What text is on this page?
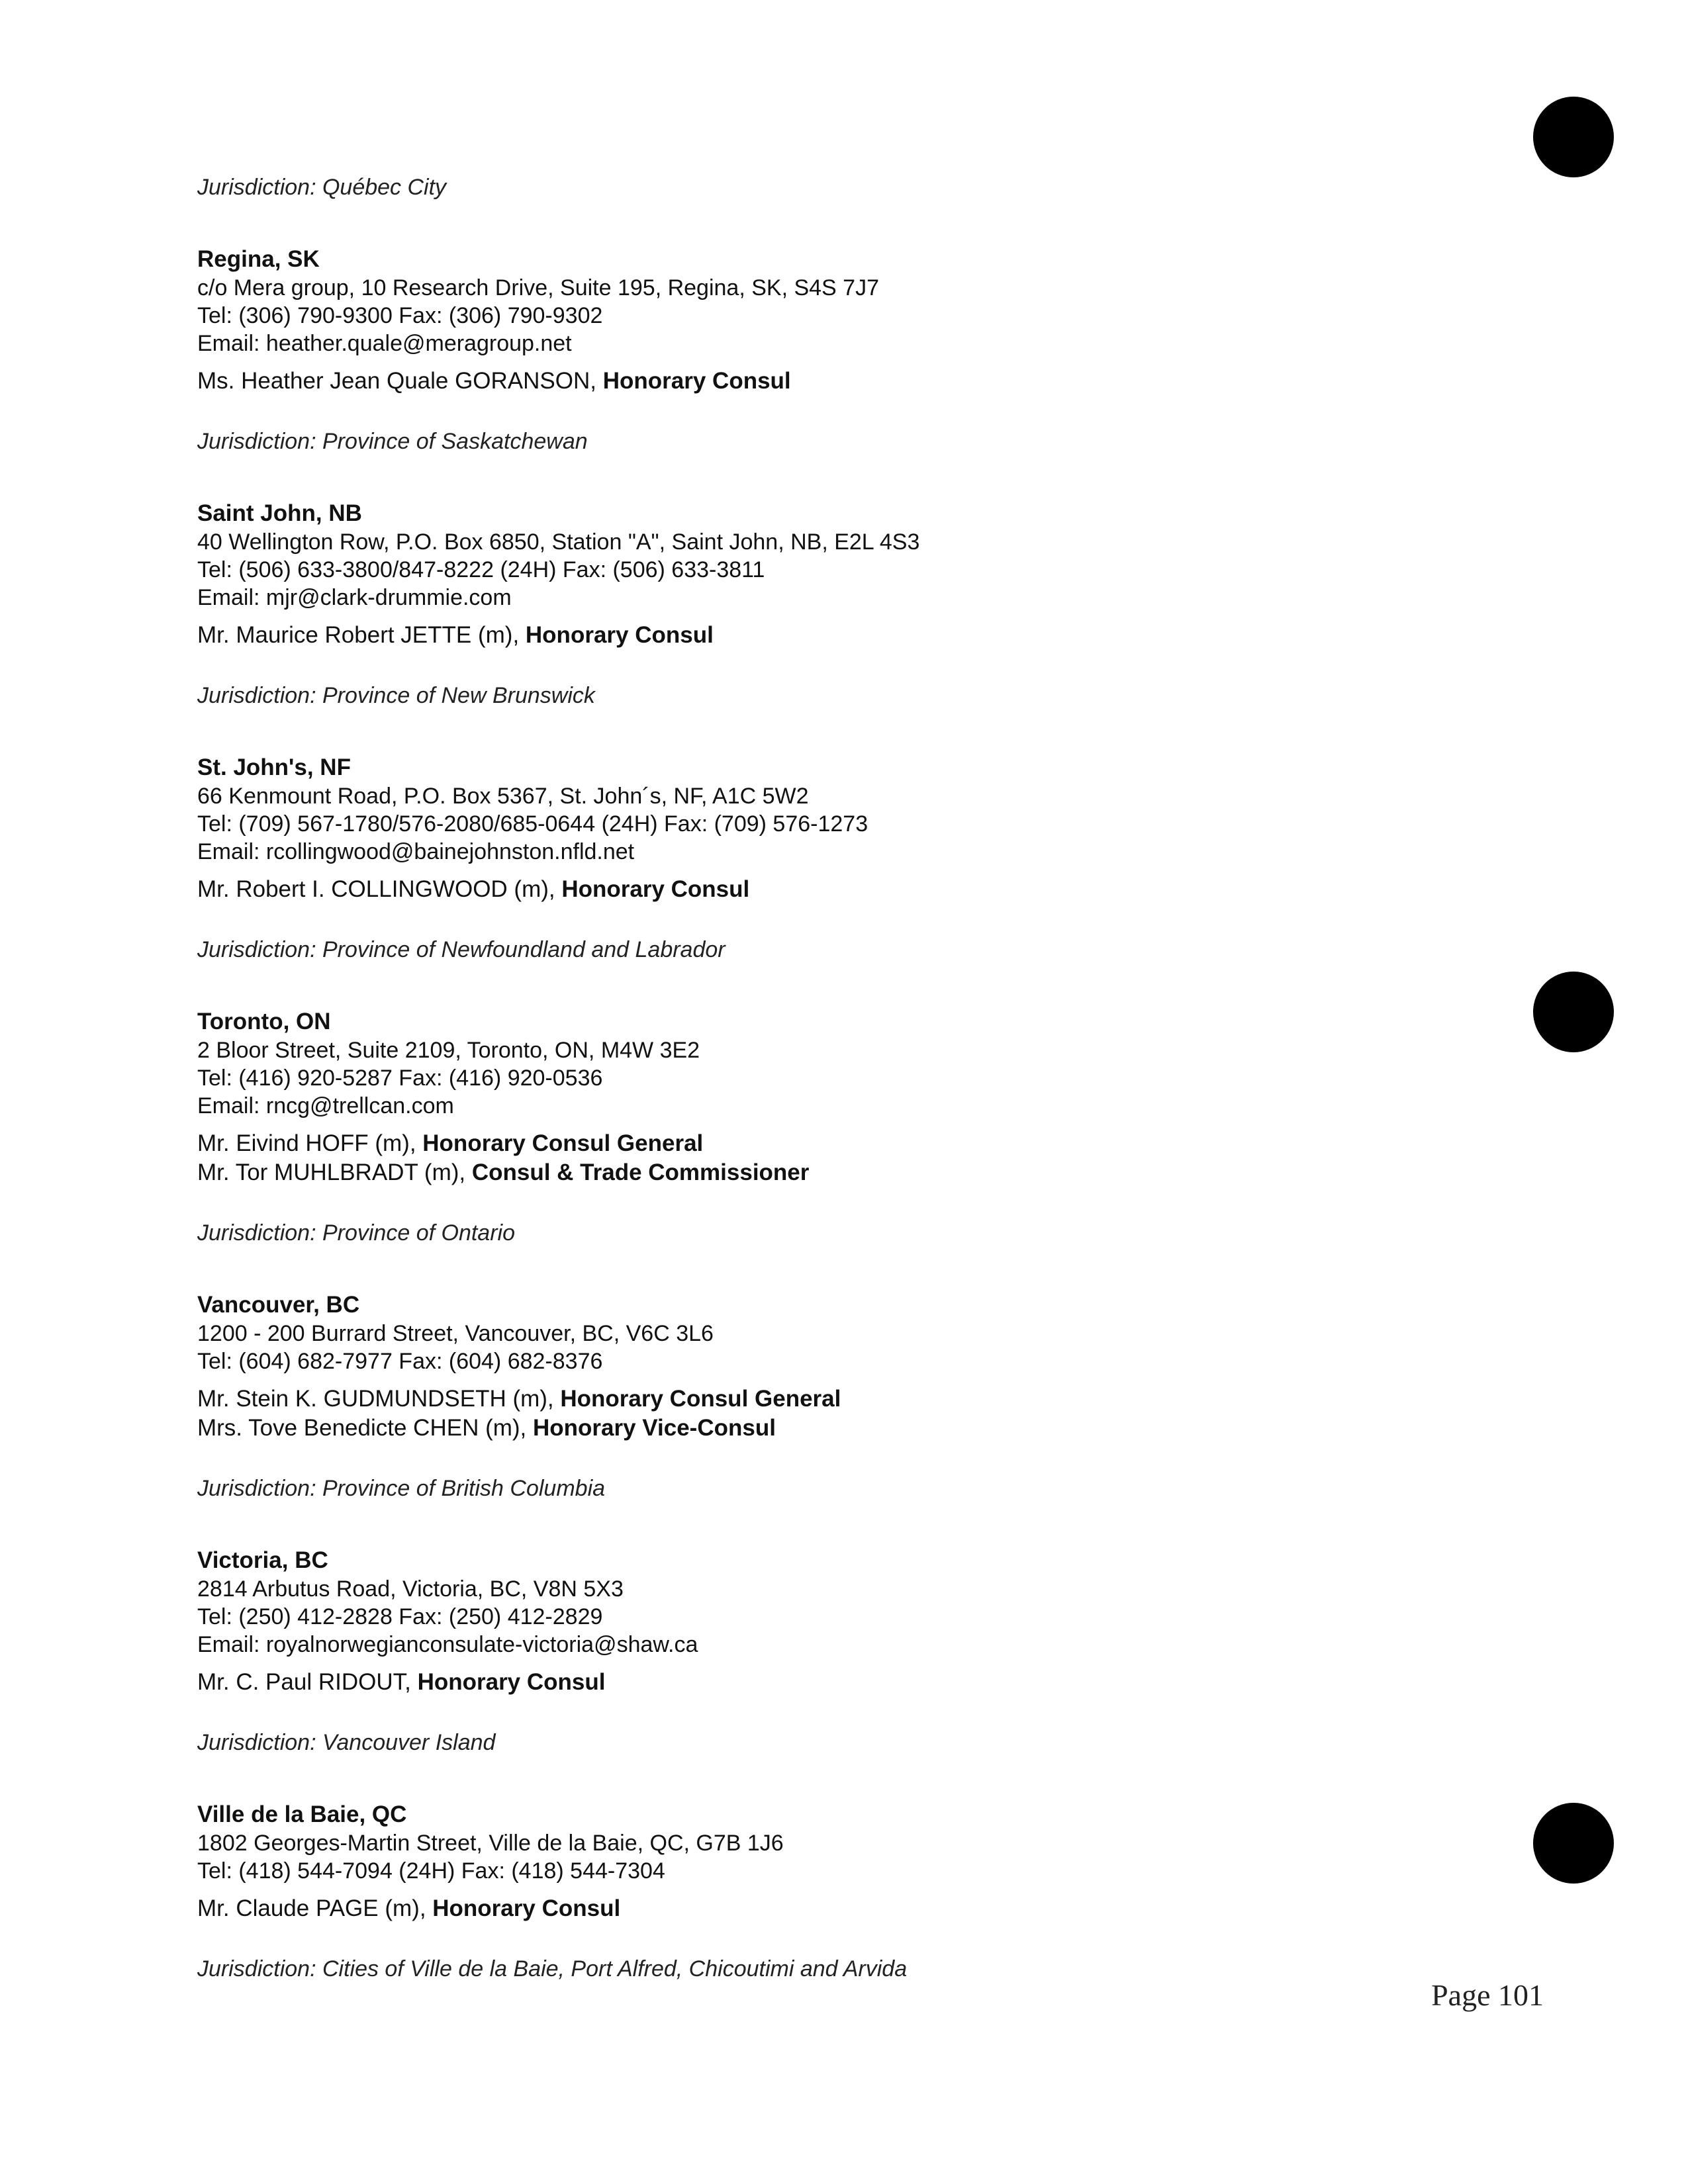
Jurisdiction: Québec City

Regina, SK

c/o Mera group, 10 Research Drive, Suite 195, Regina, SK, S4S 7J7

Tel: (306) 790-9300 Fax: (306) 790-9302

Email: heather.quale@meragroup.net

Ms. Heather Jean Quale GORANSON, Honorary Consul

Jurisdiction: Province of Saskatchewan

Saint John, NB

40 Wellington Row, P.O. Box 6850, Station "A", Saint John, NB, E2L 4S3

Tel: (506) 633-3800/847-8222 (24H) Fax: (506) 633-3811

Email: mjr@clark-drummie.com

Mr. Maurice Robert JETTE (m), Honorary Consul

Jurisdiction: Province of New Brunswick

St. John's, NF

66 Kenmount Road, P.O. Box 5367, St. John´s, NF, A1C 5W2

Tel: (709) 567-1780/576-2080/685-0644 (24H) Fax: (709) 576-1273

Email: rcollingwood@bainejohnston.nfld.net

Mr. Robert I. COLLINGWOOD (m), Honorary Consul

Jurisdiction: Province of Newfoundland and Labrador

Toronto, ON

2 Bloor Street, Suite 2109, Toronto, ON, M4W 3E2

Tel: (416) 920-5287 Fax: (416) 920-0536

Email: rncg@trellcan.com

Mr. Eivind HOFF (m), Honorary Consul General

Mr. Tor MUHLBRADT (m), Consul & Trade Commissioner

Jurisdiction: Province of Ontario

Vancouver, BC

1200 - 200 Burrard Street, Vancouver, BC, V6C 3L6

Tel: (604) 682-7977 Fax: (604) 682-8376

Mr. Stein K. GUDMUNDSETH (m), Honorary Consul General

Mrs. Tove Benedicte CHEN (m), Honorary Vice-Consul

Jurisdiction: Province of British Columbia

Victoria, BC

2814 Arbutus Road, Victoria, BC, V8N 5X3

Tel: (250) 412-2828 Fax: (250) 412-2829

Email: royalnorwegianconsulate-victoria@shaw.ca

Mr. C. Paul RIDOUT, Honorary Consul

Jurisdiction: Vancouver Island

Ville de la Baie, QC

1802 Georges-Martin Street, Ville de la Baie, QC, G7B 1J6

Tel: (418) 544-7094 (24H) Fax: (418) 544-7304

Mr. Claude PAGE (m), Honorary Consul

Jurisdiction: Cities of Ville de la Baie, Port Alfred, Chicoutimi and Arvida

Page 101
